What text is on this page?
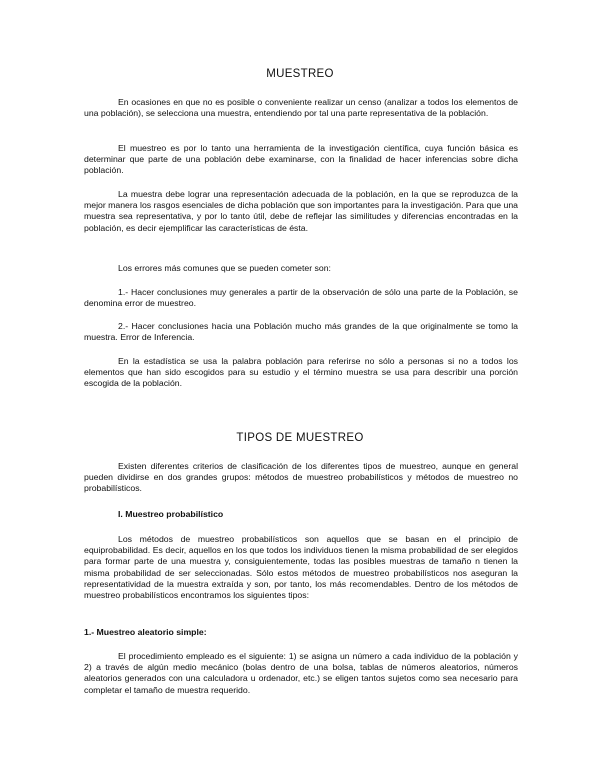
MUESTREO

En ocasiones en que no es posible o conveniente realizar un censo (analizar a todos los elementos de una población), se selecciona una muestra, entendiendo por tal una parte representativa de la población.

El muestreo es por lo tanto una herramienta de la investigación científica, cuya función básica es determinar que parte de una población debe examinarse, con la finalidad de hacer inferencias sobre dicha población.

La muestra debe lograr una representación adecuada de la población, en la que se reproduzca de la mejor manera los rasgos esenciales de dicha población que son importantes para la investigación. Para que una muestra sea representativa, y por lo tanto útil, debe de reflejar las similitudes y diferencias encontradas en la población, es decir ejemplificar las características de ésta.

Los errores más comunes que se pueden cometer son:

1.- Hacer conclusiones muy generales a partir de la observación de sólo una parte de la Población, se denomina error de muestreo.

2.- Hacer conclusiones hacia una Población mucho más grandes de la que originalmente se tomo la muestra. Error de Inferencia.

En la estadística se usa la palabra población para referirse no sólo a personas si no a todos los elementos que han sido escogidos para su estudio y el término muestra se usa para describir una porción escogida de la población.

TIPOS DE MUESTREO

Existen diferentes criterios de clasificación de los diferentes tipos de muestreo, aunque en general pueden dividirse en dos grandes grupos: métodos de muestreo probabilísticos y métodos de muestreo no probabilísticos.

I. Muestreo probabilístico

Los métodos de muestreo probabilísticos son aquellos que se basan en el principio de equiprobabilidad. Es decir, aquellos en los que todos los individuos tienen la misma probabilidad de ser elegidos para formar parte de una muestra y, consiguientemente, todas las posibles muestras de tamaño n tienen la misma probabilidad de ser seleccionadas. Sólo estos métodos de muestreo probabilísticos nos aseguran la representatividad de la muestra extraída y son, por tanto, los más recomendables. Dentro de los métodos de muestreo probabilísticos encontramos los siguientes tipos:

1.- Muestreo aleatorio simple:

El procedimiento empleado es el siguiente: 1) se asigna un número a cada individuo de la población y 2) a través de algún medio mecánico (bolas dentro de una bolsa, tablas de números aleatorios, números aleatorios generados con una calculadora u ordenador, etc.) se eligen tantos sujetos como sea necesario para completar el tamaño de muestra requerido.
